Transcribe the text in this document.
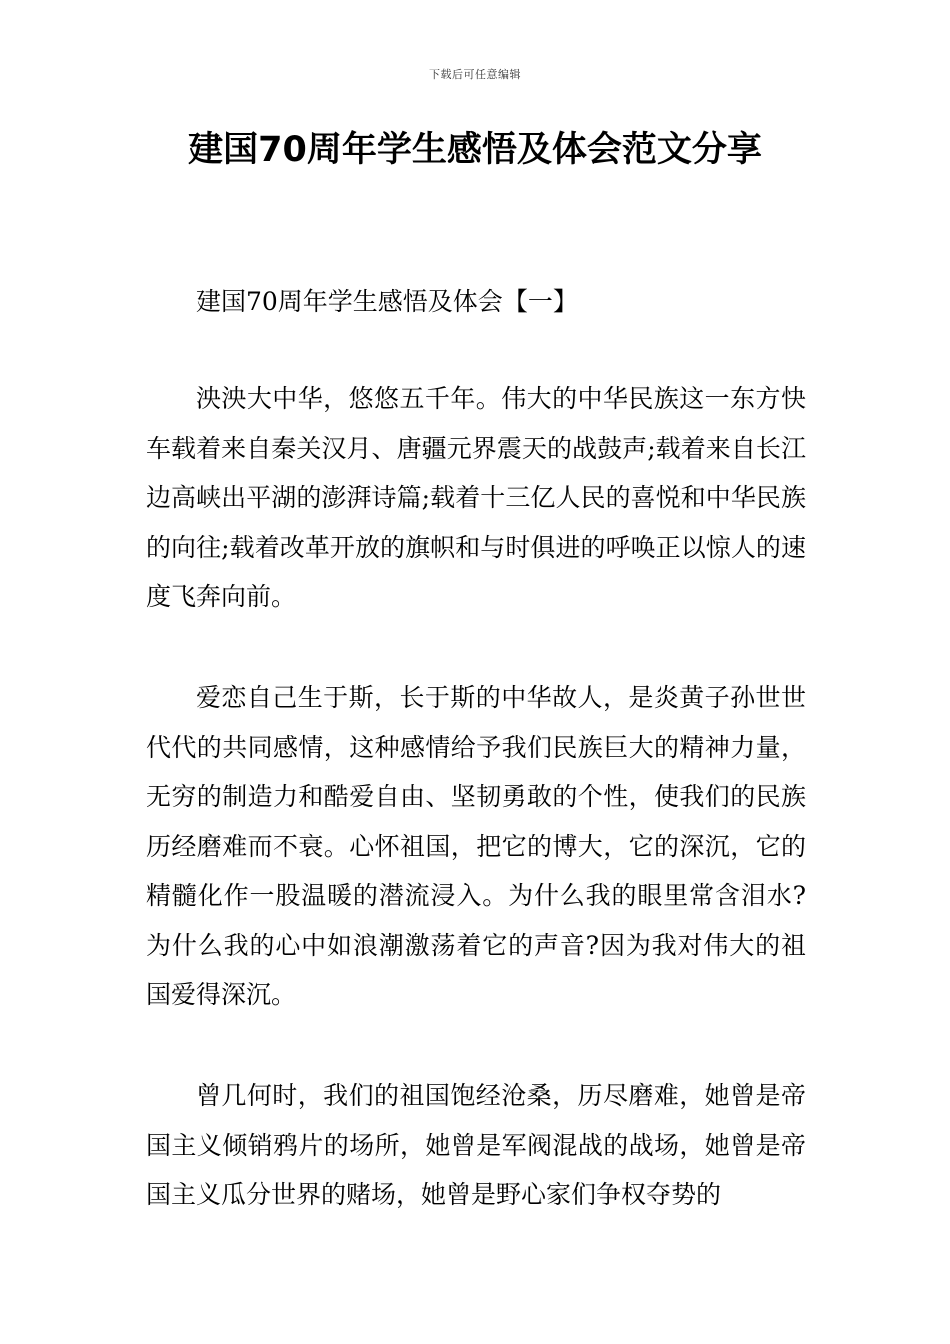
下载后可任意编辑
建国70周年学生感悟及体会范文分享

建国70周年学生感悟及体会【一】

泱泱大中华，悠悠五千年。伟大的中华民族这一东方快车载着来自秦关汉月、唐疆元界震天的战鼓声;载着来自长江边高峡出平湖的澎湃诗篇;载着十三亿人民的喜悦和中华民族的向往;载着改革开放的旗帜和与时俱进的呼唤正以惊人的速度飞奔向前。

爱恋自己生于斯，长于斯的中华故人，是炎黄子孙世世代代的共同感情，这种感情给予我们民族巨大的精神力量，无穷的制造力和酷爱自由、坚韧勇敢的个性，使我们的民族历经磨难而不衰。心怀祖国，把它的博大，它的深沉，它的精髓化作一股温暖的潜流浸入。为什么我的眼里常含泪水?为什么我的心中如浪潮激荡着它的声音?因为我对伟大的祖国爱得深沉。

曾几何时，我们的祖国饱经沧桑，历尽磨难，她曾是帝国主义倾销鸦片的场所，她曾是军阀混战的战场，她曾是帝国主义瓜分世界的赌场，她曾是野心家们争权夺势的
